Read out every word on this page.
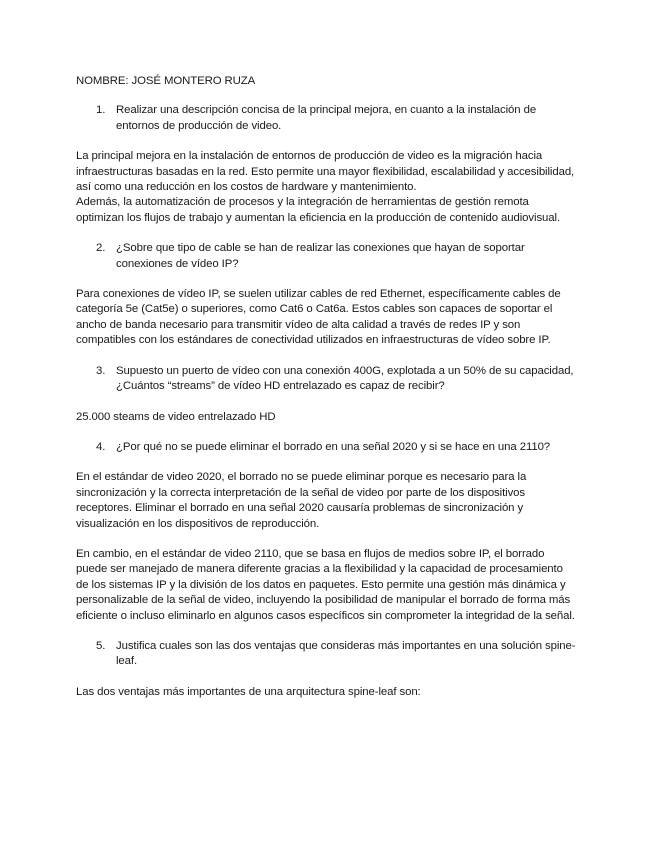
NOMBRE: JOSÉ MONTERO RUZA
1. Realizar una descripción concisa de la principal mejora, en cuanto a la instalación de entornos de producción de video.
La principal mejora en la instalación de entornos de producción de video es la migración hacia infraestructuras basadas en la red. Esto permite una mayor flexibilidad, escalabilidad y accesibilidad, así como una reducción en los costos de hardware y mantenimiento.
Además, la automatización de procesos y la integración de herramientas de gestión remota optimizan los flujos de trabajo y aumentan la eficiencia en la producción de contenido audiovisual.
2. ¿Sobre que tipo de cable se han de realizar las conexiones que hayan de soportar conexiones de vídeo IP?
Para conexiones de vídeo IP, se suelen utilizar cables de red Ethernet, específicamente cables de categoría 5e (Cat5e) o superiores, como Cat6 o Cat6a. Estos cables son capaces de soportar el ancho de banda necesario para transmitir vídeo de alta calidad a través de redes IP y son compatibles con los estándares de conectividad utilizados en infraestructuras de vídeo sobre IP.
3. Supuesto un puerto de vídeo con una conexión 400G, explotada a un 50% de su capacidad, ¿Cuántos “streams” de vídeo HD entrelazado es capaz de recibir?
25.000 steams de video entrelazado HD
4. ¿Por qué no se puede eliminar el borrado en una señal 2020 y si se hace en una 2110?
En el estándar de video 2020, el borrado no se puede eliminar porque es necesario para la sincronización y la correcta interpretación de la señal de video por parte de los dispositivos receptores. Eliminar el borrado en una señal 2020 causaría problemas de sincronización y visualización en los dispositivos de reproducción.
En cambio, en el estándar de video 2110, que se basa en flujos de medios sobre IP, el borrado puede ser manejado de manera diferente gracias a la flexibilidad y la capacidad de procesamiento de los sistemas IP y la división de los datos en paquetes. Esto permite una gestión más dinámica y personalizable de la señal de video, incluyendo la posibilidad de manipular el borrado de forma más eficiente o incluso eliminarlo en algunos casos específicos sin comprometer la integridad de la señal.
5. Justifica cuales son las dos ventajas que consideras más importantes en una solución spine-leaf.
Las dos ventajas más importantes de una arquitectura spine-leaf son:
